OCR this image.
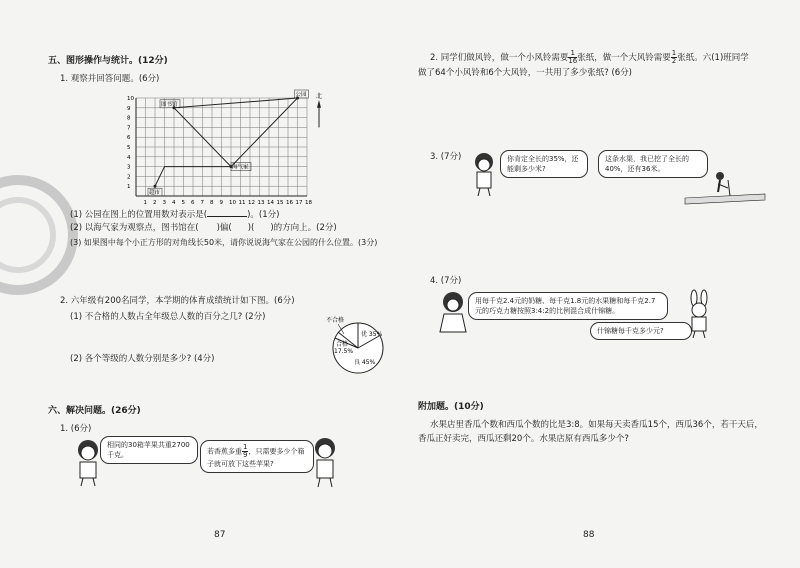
五、图形操作与统计。(12分)
1. 观察并回答问题。(6分)
1 2 3 4 5 6 7 8 9 10 11 12 13 14 15 16 17 18
1
2
3
4
5
6
7
8
9
10
图书馆
公园
海气家
超市
北
(1) 公园在图上的位置用数对表示是(	)。(1分)
(2) 以海气家为观察点，图书馆在( )偏( )( )的方向上。(2分)
(3) 如果图中每个小正方形的对角线长50米，请你说说海气家在公园的什么位置。(3分)
2. 六年级有200名同学，本学期的体育成绩统计如下图。(6分)
(1) 不合格的人数占全年级总人数的百分之几? (2分)
(2) 各个等级的人数分别是多少? (4分)
不合格
优 35%
合格
17.5%
良 45%
六、解决问题。(26分)
1. (6分)
相同的30箱苹果共重2700千克。	若香蕉多重 $\frac{1}{9}$ ，只需要多少个箱子就可放下这些苹果?
87
2. 同学们做风铃，做一个小风铃需要 $\frac{1}{16}$ 张纸，做一个大风铃需要 $\frac{1}{2}$ 张纸。六(1)班同学
做了64个小风铃和6个大风铃，一共用了多少张纸? (6分)
3. (7分)	你肯定全长的35%，还能剩多少米?
这条水渠，我已挖了全长的40%，还有36米。
4. (7分)
用每千克2.4元的奶糖、每千克1.8元的水果糖和每千克2.7元的巧克力糖按照3:4:2的比例混合成什锦糖。
什锦糖每千克多少元?
附加题。(10分)
水果店里香瓜个数和西瓜个数的比是3:8。如果每天卖香瓜15个，西瓜36个，若干天后，
香瓜正好卖完，西瓜还剩20个。水果店原有西瓜多少个?
88
